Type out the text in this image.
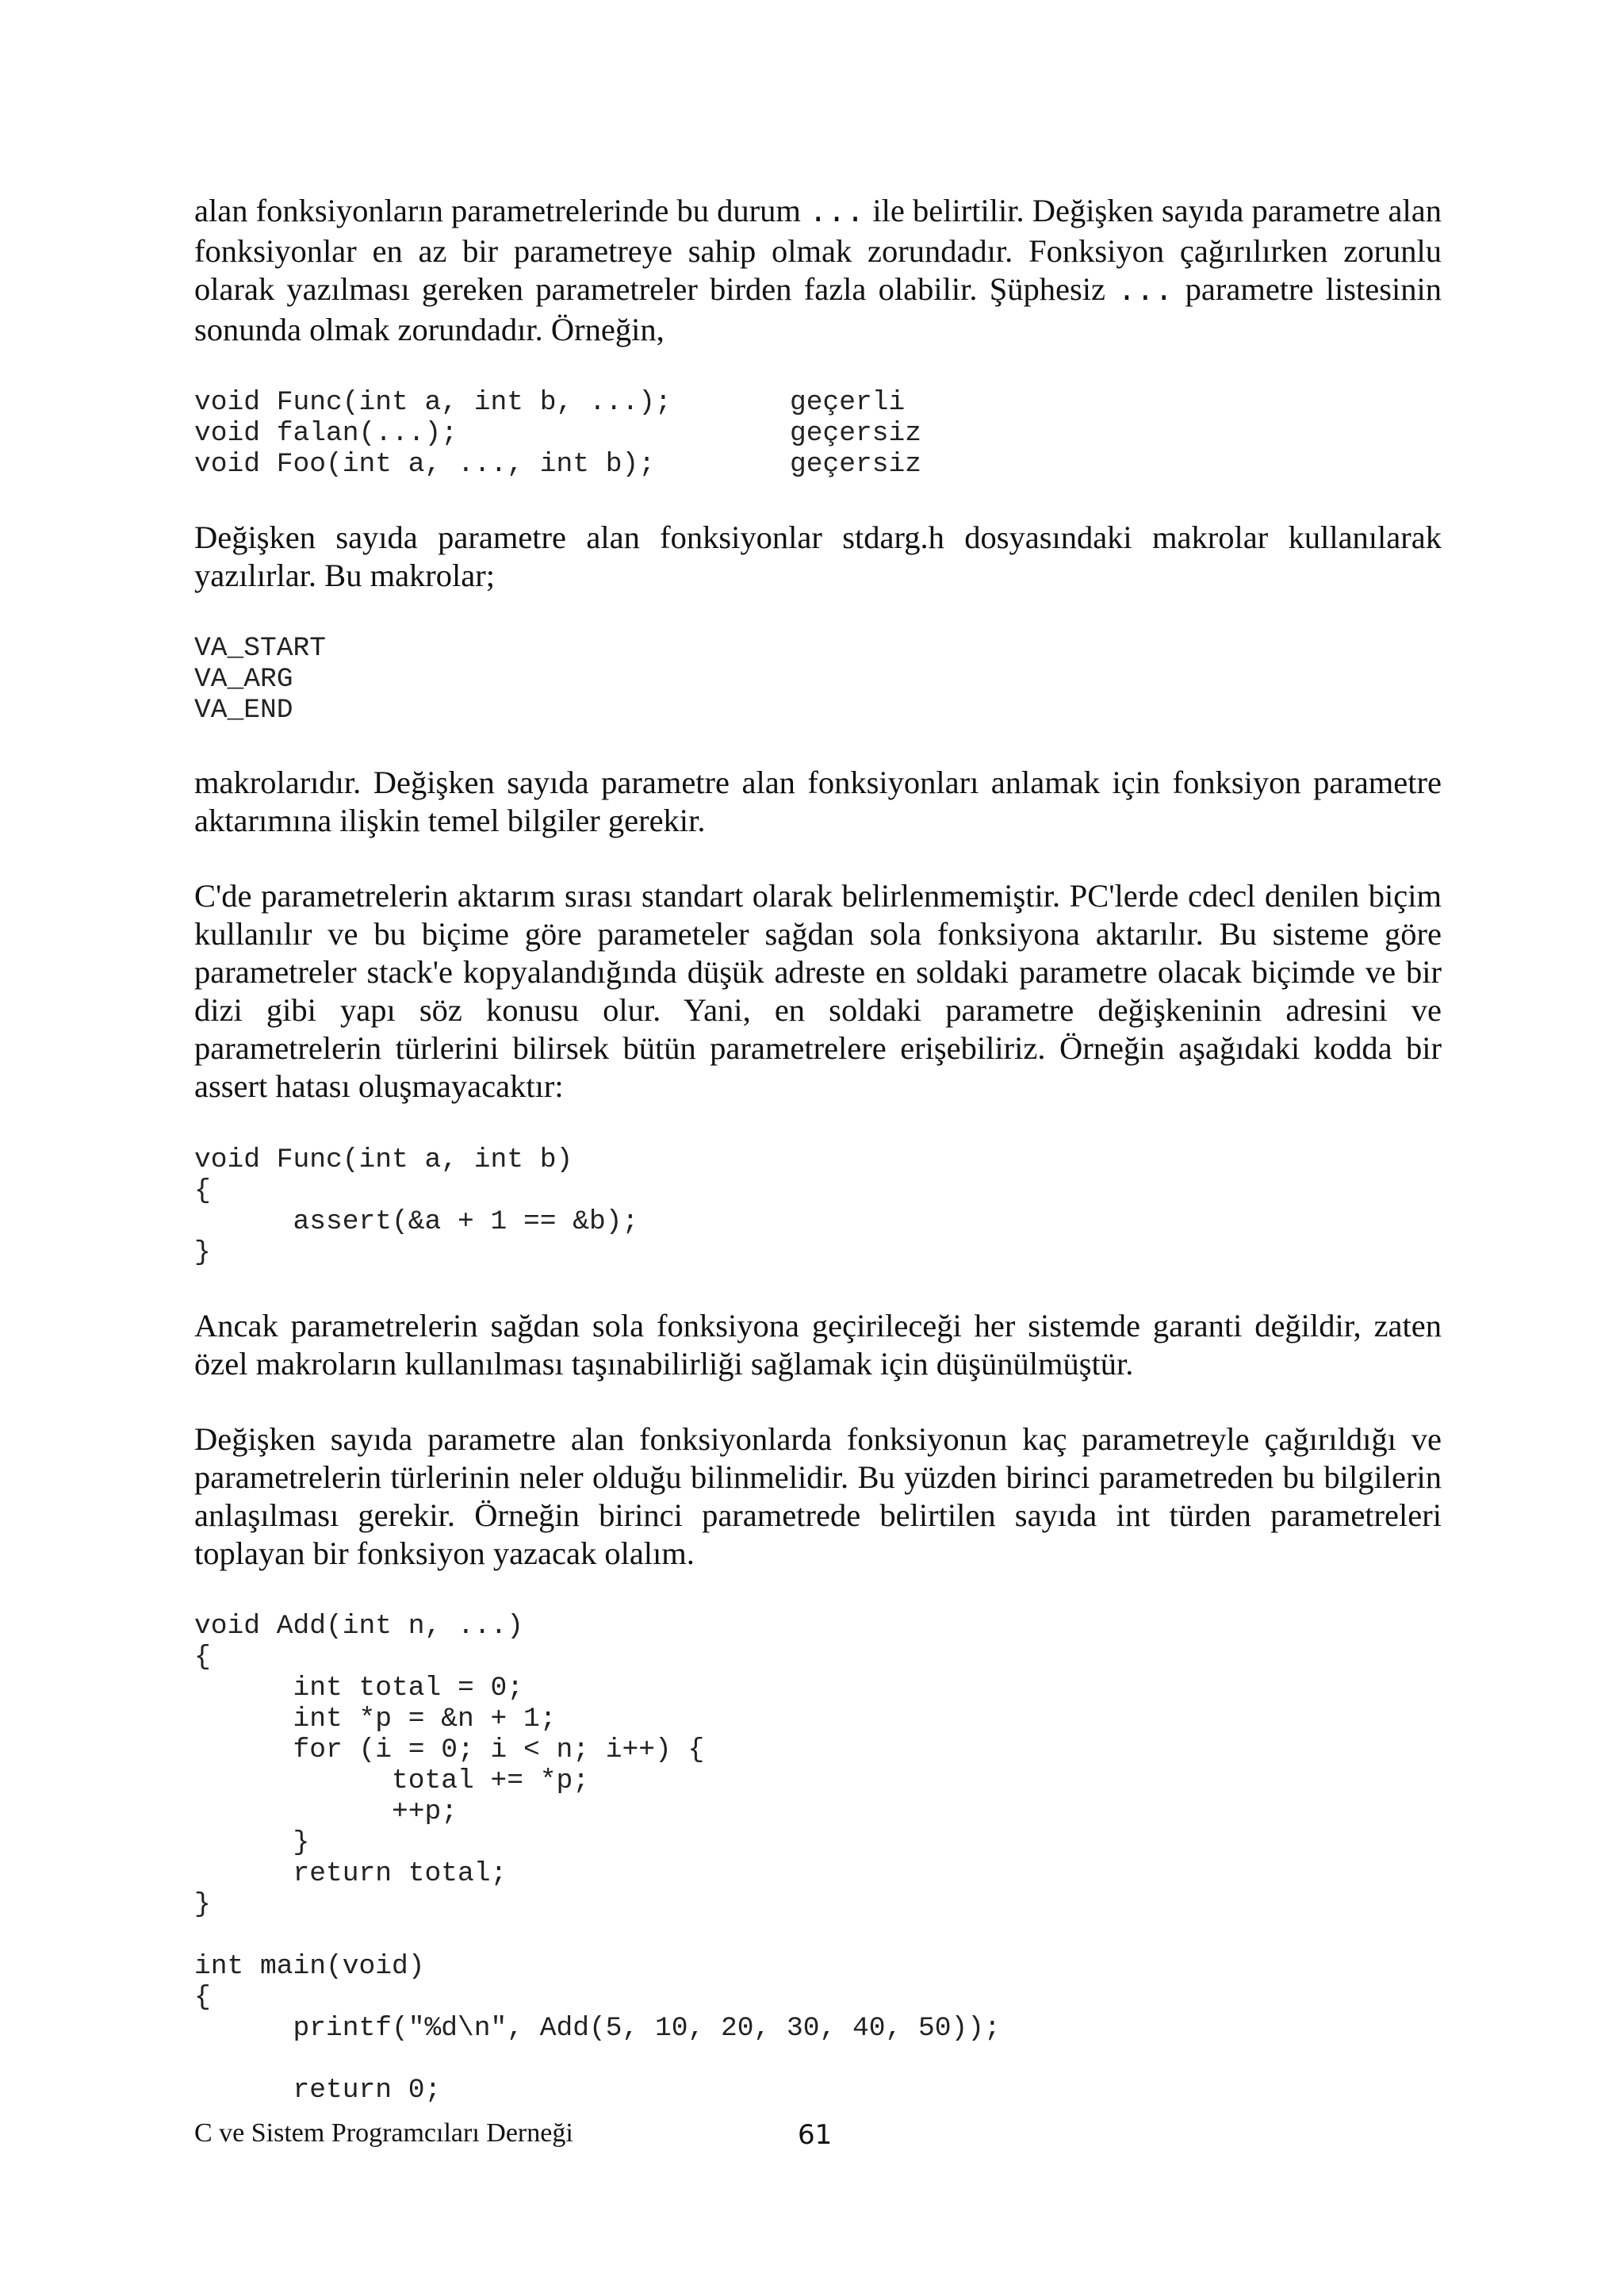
alan fonksiyonların parametrelerinde bu durum ... ile belirtilir. Değişken sayıda parametre alan fonksiyonlar en az bir parametreye sahip olmak zorundadır. Fonksiyon çağırılırken zorunlu olarak yazılması gereken parametreler birden fazla olabilir. Şüphesiz ... parametre listesinin sonunda olmak zorundadır. Örneğin,

void Func(int a, int b, ...);	geçerli
void falan(...);	geçersiz
void Foo(int a, ..., int b);	geçersiz

Değişken sayıda parametre alan fonksiyonlar stdarg.h dosyasındaki makrolar kullanılarak yazılırlar. Bu makrolar;

VA_START
VA_ARG
VA_END

makrolarıdır. Değişken sayıda parametre alan fonksiyonları anlamak için fonksiyon parametre aktarımına ilişkin temel bilgiler gerekir.

C'de parametrelerin aktarım sırası standart olarak belirlenmemiştir. PC'lerde cdecl denilen biçim kullanılır ve bu biçime göre parameteler sağdan sola fonksiyona aktarılır. Bu sisteme göre parametreler stack'e kopyalandığında düşük adreste en soldaki parametre olacak biçimde ve bir dizi gibi yapı söz konusu olur. Yani, en soldaki parametre değişkeninin adresini ve parametrelerin türlerini bilirsek bütün parametrelere erişebiliriz. Örneğin aşağıdaki kodda bir assert hatası oluşmayacaktır:

void Func(int a, int b)
{
assert(&a + 1 == &b);
}

Ancak parametrelerin sağdan sola fonksiyona geçirileceği her sistemde garanti değildir, zaten özel makroların kullanılması taşınabilirliği sağlamak için düşünülmüştür.

Değişken sayıda parametre alan fonksiyonlarda fonksiyonun kaç parametreyle çağırıldığı ve parametrelerin türlerinin neler olduğu bilinmelidir. Bu yüzden birinci parametreden bu bilgilerin anlaşılması gerekir. Örneğin birinci parametrede belirtilen sayıda int türden parametreleri toplayan bir fonksiyon yazacak olalım.

void Add(int n, ...)
{
int total = 0;
int *p = &n + 1;
for (i = 0; i < n; i++) {
total += *p;
++p;
}
return total;
}

int main(void)
{
printf("%d\n", Add(5, 10, 20, 30, 40, 50));

return 0;
C ve Sistem Programcıları Derneği	61
